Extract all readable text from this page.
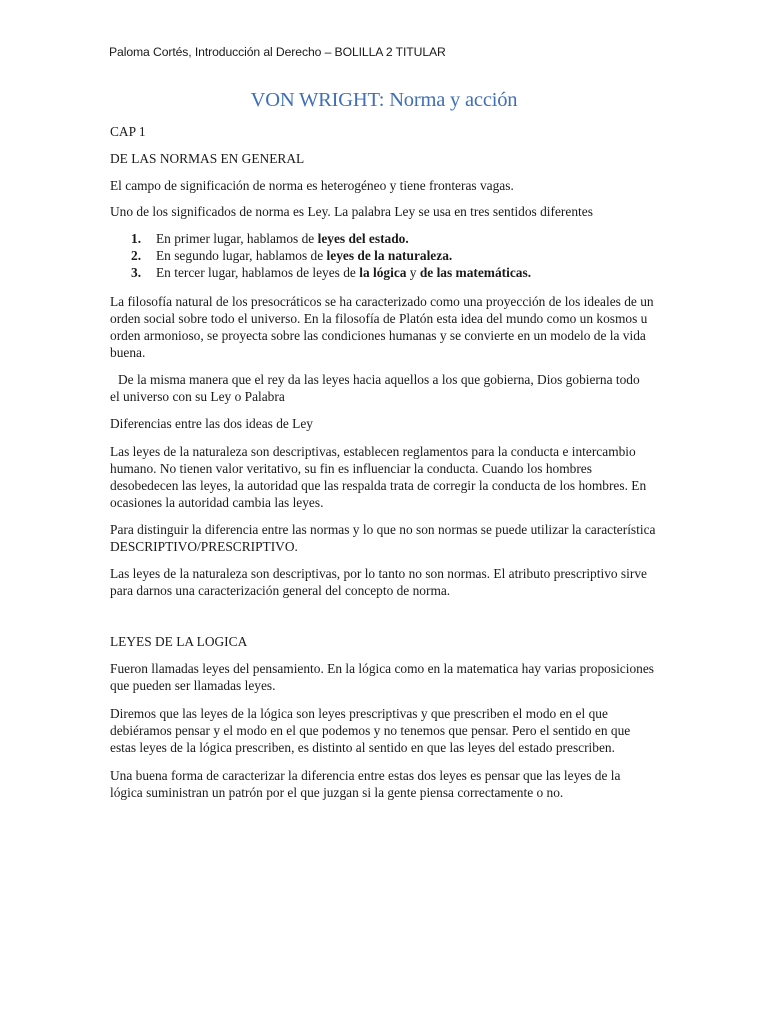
Paloma Cortés, Introducción al Derecho – BOLILLA 2 TITULAR
VON WRIGHT: Norma y acción

CAP 1

DE LAS NORMAS EN GENERAL

El campo de significación de norma es heterogéneo y tiene fronteras vagas.

Uno de los significados de norma es Ley. La palabra Ley se usa en tres sentidos diferentes

1. En primer lugar, hablamos de leyes del estado.
2. En segundo lugar, hablamos de leyes de la naturaleza.
3. En tercer lugar, hablamos de leyes de la lógica y de las matemáticas.

La filosofía natural de los presocráticos se ha caracterizado como una proyección de los ideales de un orden social sobre todo el universo. En la filosofía de Platón esta idea del mundo como un kosmos u orden armonioso, se proyecta sobre las condiciones humanas y se convierte en un modelo de la vida buena.

De la misma manera que el rey da las leyes hacia aquellos a los que gobierna, Dios gobierna todo el universo con su Ley o Palabra

Diferencias entre las dos ideas de Ley

Las leyes de la naturaleza son descriptivas, establecen reglamentos para la conducta e intercambio humano. No tienen valor veritativo, su fin es influenciar la conducta. Cuando los hombres desobedecen las leyes, la autoridad que las respalda trata de corregir la conducta de los hombres. En ocasiones la autoridad cambia las leyes.

Para distinguir la diferencia entre las normas y lo que no son normas se puede utilizar la característica DESCRIPTIVO/PRESCRIPTIVO.

Las leyes de la naturaleza son descriptivas, por lo tanto no son normas. El atributo prescriptivo sirve para darnos una caracterización general del concepto de norma.

LEYES DE LA LOGICA

Fueron llamadas leyes del pensamiento. En la lógica como en la matematica hay varias proposiciones que pueden ser llamadas leyes.

Diremos que las leyes de la lógica son leyes prescriptivas y que prescriben el modo en el que debiéramos pensar y el modo en el que podemos y no tenemos que pensar. Pero el sentido en que estas leyes de la lógica prescriben, es distinto al sentido en que las leyes del estado prescriben.

Una buena forma de caracterizar la diferencia entre estas dos leyes es pensar que las leyes de la lógica suministran un patrón por el que juzgan si la gente piensa correctamente o no.
